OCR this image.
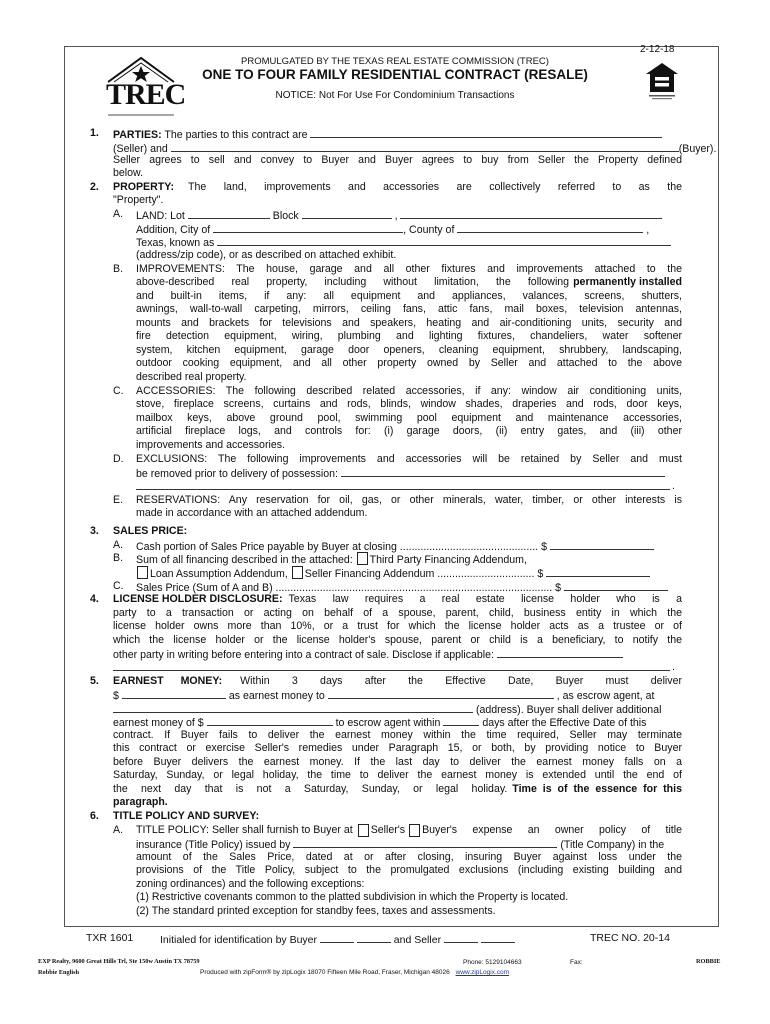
2-12-18
PROMULGATED BY THE TEXAS REAL ESTATE COMMISSION (TREC)
ONE TO FOUR FAMILY RESIDENTIAL CONTRACT (RESALE)
NOTICE: Not For Use For Condominium Transactions
TREC
1. PARTIES: The parties to this contract are
(Seller) and	(Buyer).
Seller agrees to sell and convey to Buyer and Buyer agrees to buy from Seller the Property defined
below.
2. PROPERTY: The land, improvements and accessories are collectively referred to as the
"Property".
A. LAND: Lot	Block	,
Addition, City of	, County of	,
Texas, known as
(address/zip code), or as described on attached exhibit.
B. IMPROVEMENTS: The house, garage and all other fixtures and improvements attached to the
above-described real property, including without limitation, the following permanently installed
and built-in items, if any: all equipment and appliances, valances, screens, shutters,
awnings, wall-to-wall carpeting, mirrors, ceiling fans, attic fans, mail boxes, television antennas,
mounts and brackets for televisions and speakers, heating and air-conditioning units, security and
fire detection equipment, wiring, plumbing and lighting fixtures, chandeliers, water softener
system, kitchen equipment, garage door openers, cleaning equipment, shrubbery, landscaping,
outdoor cooking equipment, and all other property owned by Seller and attached to the above
described real property.
C. ACCESSORIES: The following described related accessories, if any: window air conditioning units,
stove, fireplace screens, curtains and rods, blinds, window shades, draperies and rods, door keys,
mailbox keys, above ground pool, swimming pool equipment and maintenance accessories,
artificial fireplace logs, and controls for: (i) garage doors, (ii) entry gates, and (iii) other
improvements and accessories.
D. EXCLUSIONS: The following improvements and accessories will be retained by Seller and must
be removed prior to delivery of possession:
.
E. RESERVATIONS: Any reservation for oil, gas, or other minerals, water, timber, or other interests is
made in accordance with an attached addendum.
3. SALES PRICE:
A. Cash portion of Sales Price payable by Buyer at closing ............................................... $
B. Sum of all financing described in the attached: Third Party Financing Addendum,
Loan Assumption Addendum, Seller Financing Addendum ................................. $
C. Sales Price (Sum of A and B) .............................................................................................. $
4. LICENSE HOLDER DISCLOSURE: Texas law requires a real estate license holder who is a
party to a transaction or acting on behalf of a spouse, parent, child, business entity in which the
license holder owns more than 10%, or a trust for which the license holder acts as a trustee or of
which the license holder or the license holder's spouse, parent or child is a beneficiary, to notify the
other party in writing before entering into a contract of sale. Disclose if applicable:
.
5. EARNEST MONEY: Within 3 days after the Effective Date, Buyer must deliver
$	as earnest money to	, as escrow agent, at
(address). Buyer shall deliver additional
earnest money of $	to escrow agent within	days after the Effective Date of this
contract. If Buyer fails to deliver the earnest money within the time required, Seller may terminate
this contract or exercise Seller's remedies under Paragraph 15, or both, by providing notice to Buyer
before Buyer delivers the earnest money. If the last day to deliver the earnest money falls on a
Saturday, Sunday, or legal holiday, the time to deliver the earnest money is extended until the end of
the next day that is not a Saturday, Sunday, or legal holiday. Time is of the essence for this
paragraph.
6. TITLE POLICY AND SURVEY:
A. TITLE POLICY: Seller shall furnish to Buyer at Seller's Buyer's expense an owner policy of title
insurance (Title Policy) issued by	(Title Company) in the
amount of the Sales Price, dated at or after closing, insuring Buyer against loss under the
provisions of the Title Policy, subject to the promulgated exclusions (including existing building and
zoning ordinances) and the following exceptions:
(1) Restrictive covenants common to the platted subdivision in which the Property is located.
(2) The standard printed exception for standby fees, taxes and assessments.
TXR 1601	Initialed for identification by Buyer	and Seller	TREC NO. 20-14
EXP Realty, 9600 Great Hills Trl, Ste 150w Austin TX 78759
Robbie English
Phone: 5129104663	Fax:	ROBBIE
Produced with zipForm® by zipLogix 18070 Fifteen Mile Road, Fraser, Michigan 48026 www.zipLogix.com
